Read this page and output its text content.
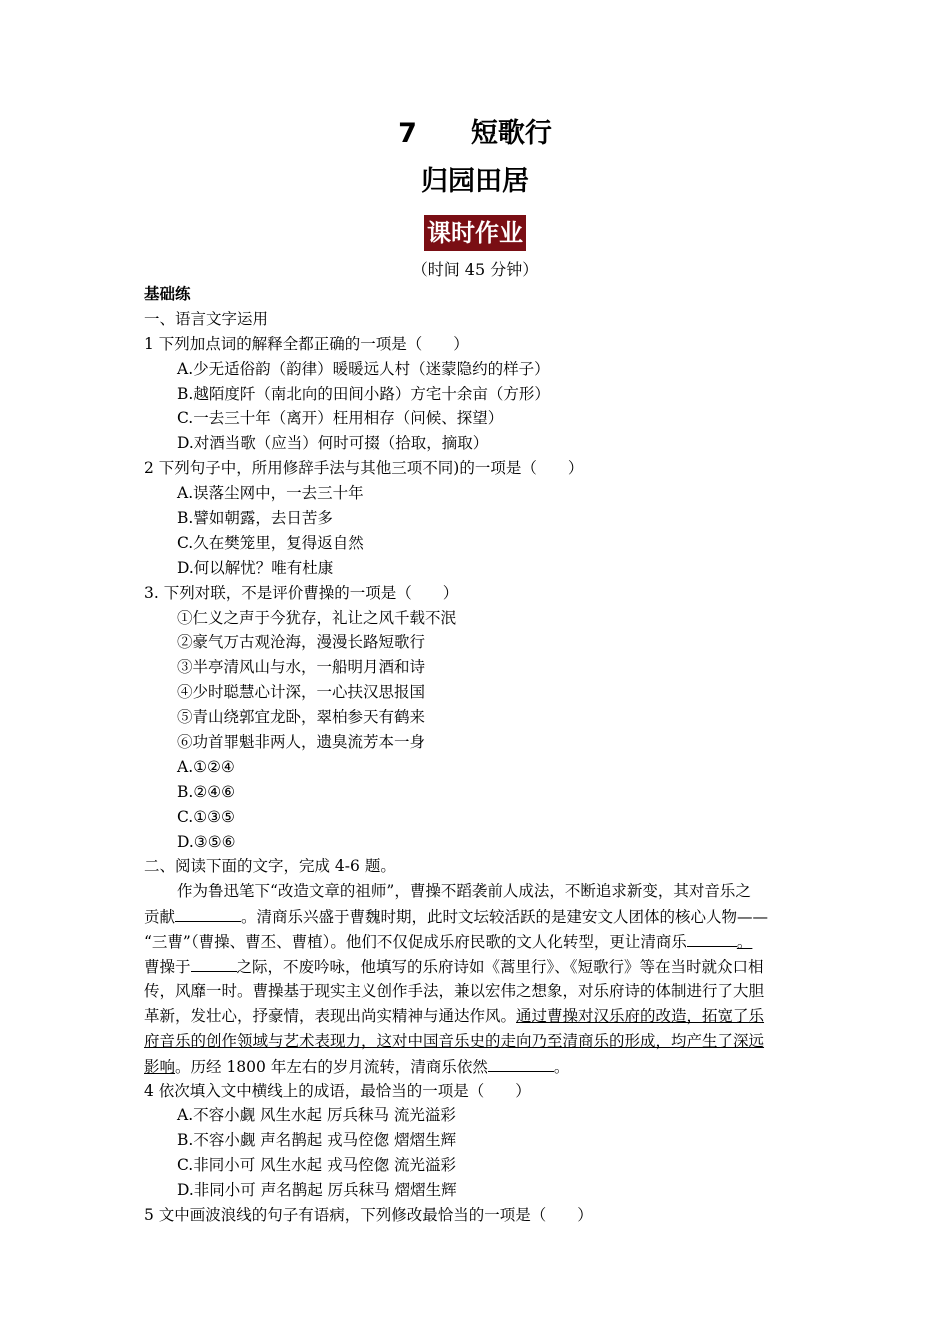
7 短歌行
归园田居
课时作业
（时间 45 分钟）
基础练
一、语言文字运用
1 下列加点词的解释全都正确的一项是（　　）
A.少无适俗韵（韵律）暖暖远人村（迷蒙隐约的样子）
B.越陌度阡（南北向的田间小路）方宅十余亩（方形）
C.一去三十年（离开）枉用相存（问候、探望）
D.对酒当歌（应当）何时可掇（拾取，摘取）
2 下列句子中，所用修辞手法与其他三项不同)的一项是（　　）
A.误落尘网中，一去三十年
B.譬如朝露，去日苦多
C.久在樊笼里，复得返自然
D.何以解忧？唯有杜康
3. 下列对联，不是评价曹操的一项是（　　）
①仁义之声于今犹存，礼让之风千载不泯
②豪气万古观沧海，漫漫长路短歌行
③半亭清风山与水，一船明月酒和诗
④少时聪慧心计深，一心扶汉思报国
⑤青山绕郭宜龙卧，翠柏参天有鹤来
⑥功首罪魁非两人，遗臭流芳本一身
A.①②④
B.②④⑥
C.①③⑤
D.③⑤⑥
二、阅读下面的文字，完成 4-6 题。
作为鲁迅笔下“改造文章的祖师”，曹操不蹈袭前人成法，不断追求新变，其对音乐之
贡献	。清商乐兴盛于曹魏时期，此时文坛较活跃的是建安文人团体的核心人物——
“三曹”（曹操、曹丕、曹植）。他们不仅促成乐府民歌的文人化转型，更让清商乐	。
曹操于	之际，不废吟咏，他填写的乐府诗如《蒿里行》、《短歌行》等在当时就众口相
传，风靡一时。曹操基于现实主义创作手法，兼以宏伟之想象，对乐府诗的体制进行了大胆
革新，发壮心，抒豪情，表现出尚实精神与通达作风。通过曹操对汉乐府的改造，拓宽了乐
府音乐的创作领域与艺术表现力，这对中国音乐史的走向乃至清商乐的形成，均产生了深远
影响。历经 1800 年左右的岁月流转，清商乐依然	。
4 依次填入文中横线上的成语，最恰当的一项是（　　）
A.不容小觑 风生水起 厉兵秣马 流光溢彩
B.不容小觑 声名鹊起 戎马倥偬 熠熠生辉
C.非同小可 风生水起 戎马倥偬 流光溢彩
D.非同小可 声名鹊起 厉兵秣马 熠熠生辉
5 文中画波浪线的句子有语病，下列修改最恰当的一项是（　　）
